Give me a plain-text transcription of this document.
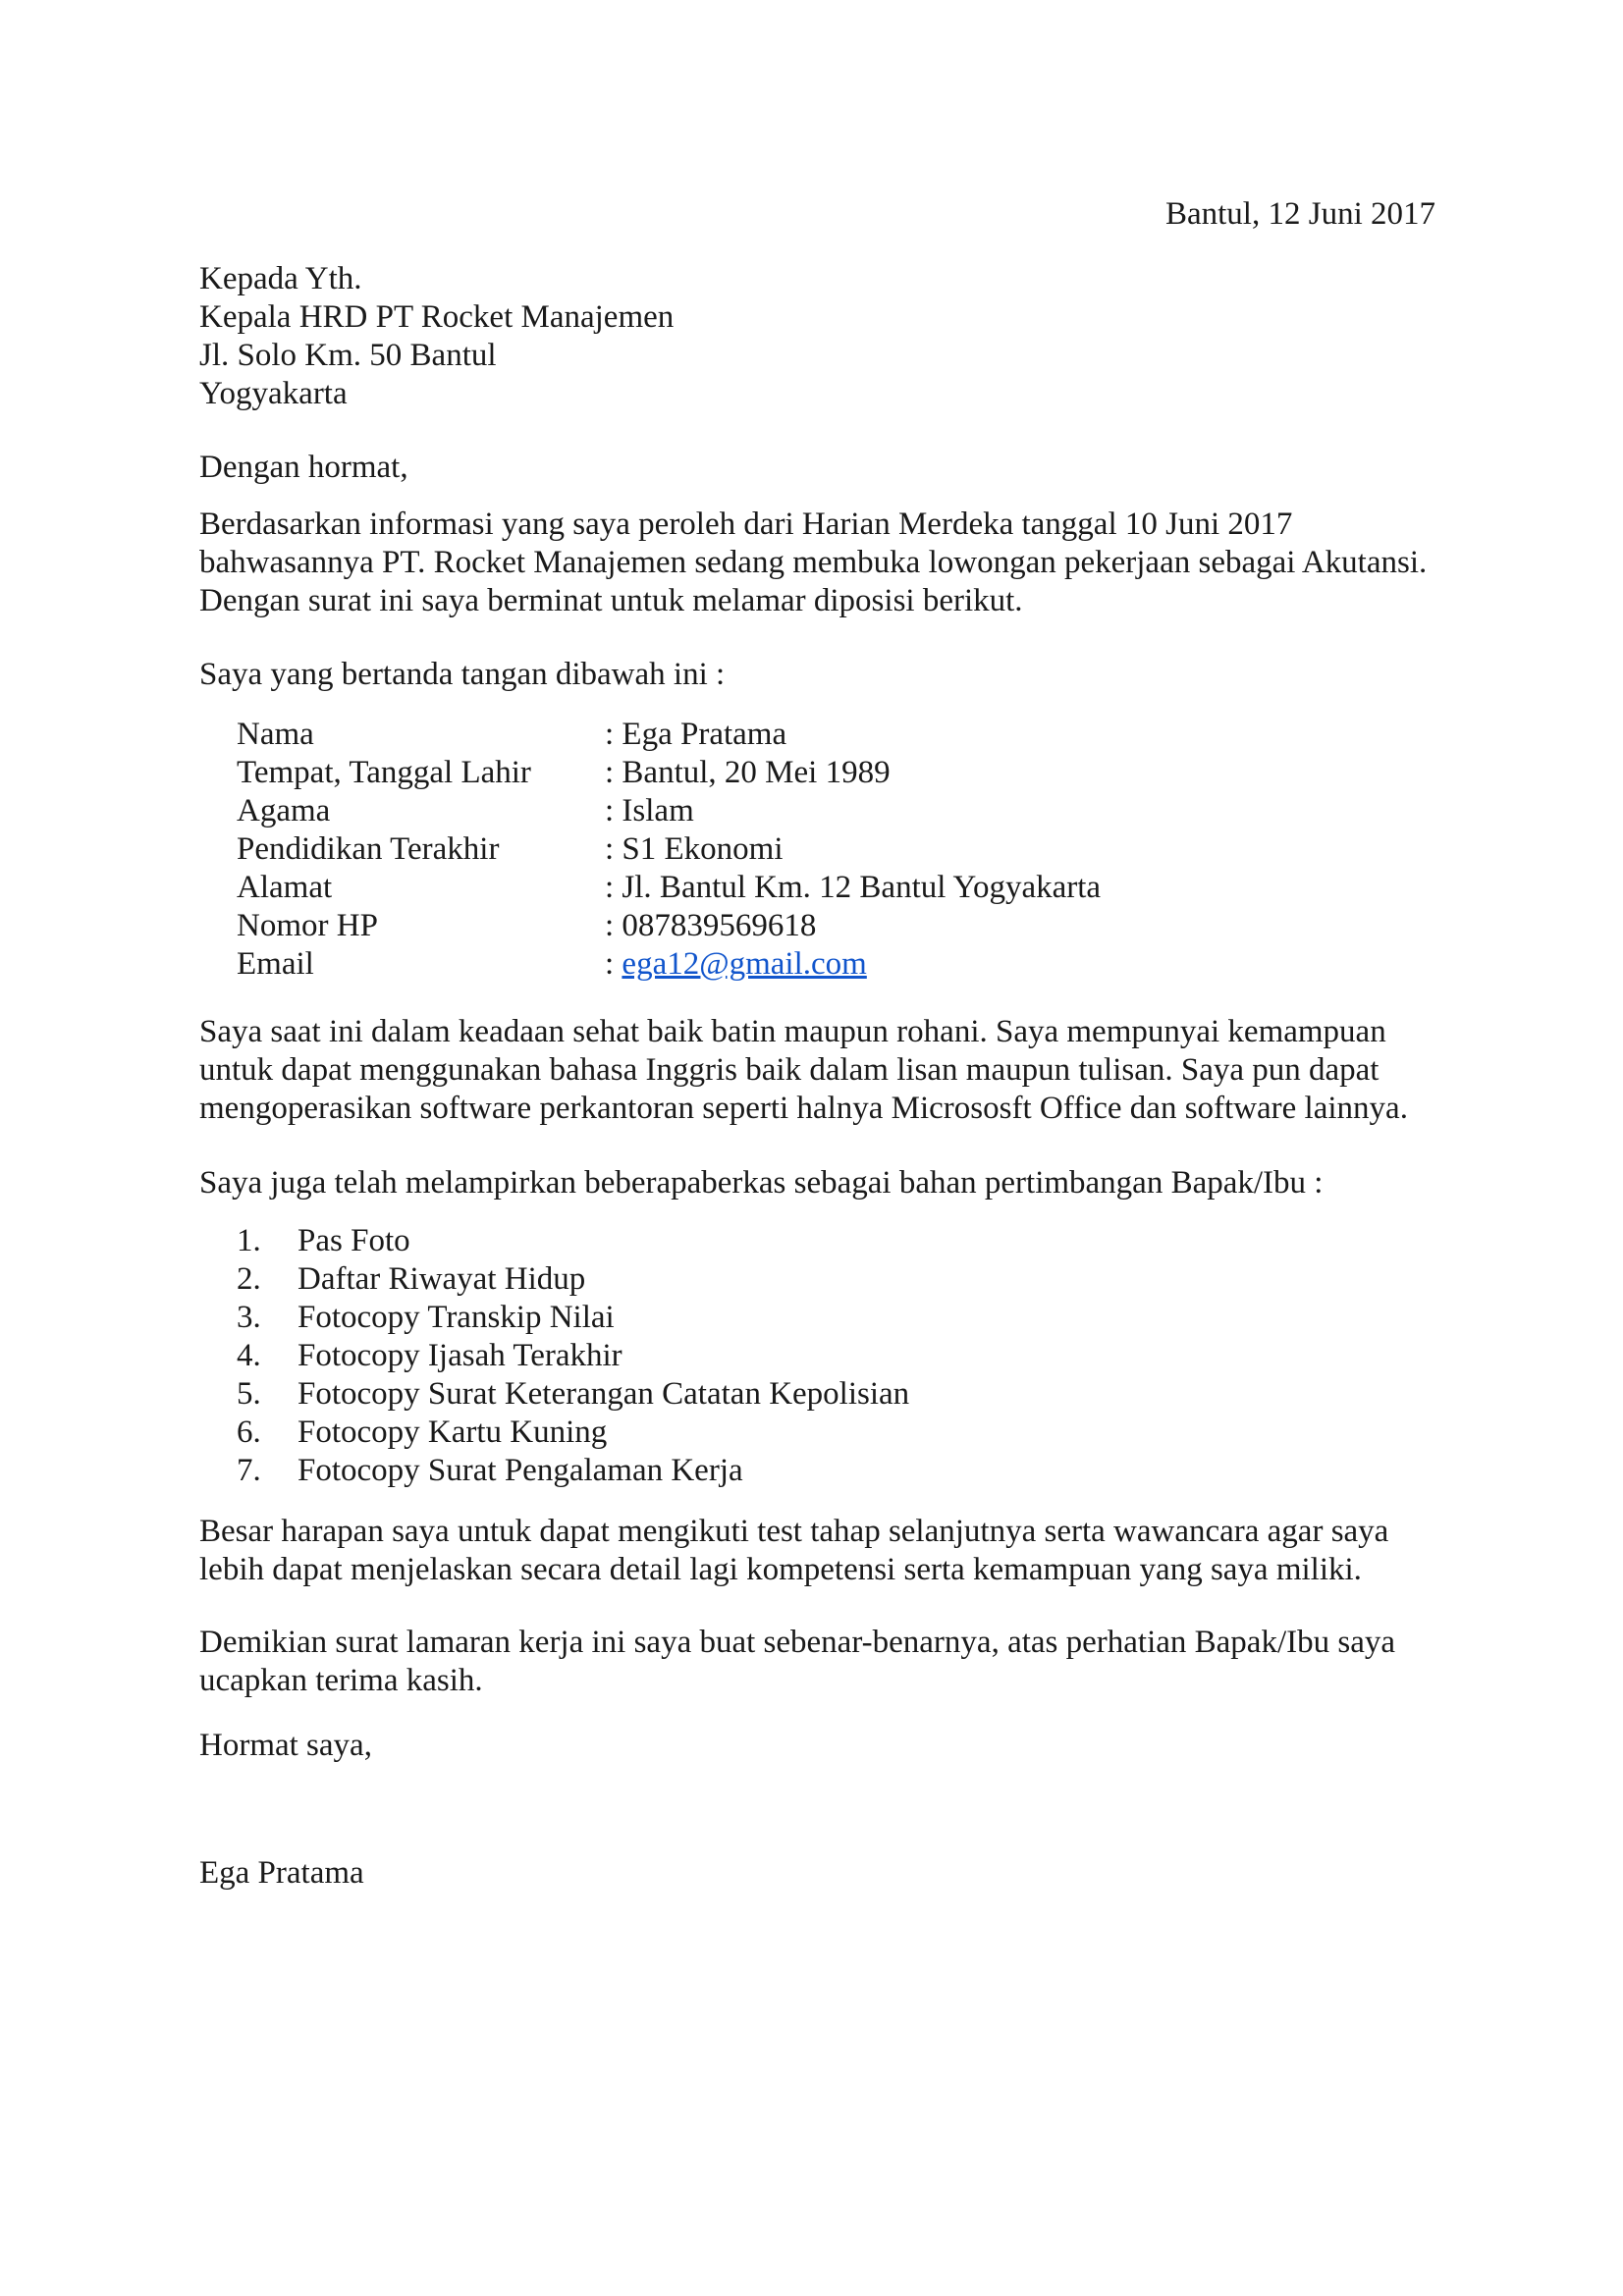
Bantul, 12 Juni 2017
Kepada Yth.
Kepala HRD PT Rocket Manajemen
Jl. Solo Km. 50 Bantul
Yogyakarta

Dengan hormat,

Berdasarkan informasi yang saya peroleh dari Harian Merdeka tanggal 10 Juni 2017 bahwasannya PT. Rocket Manajemen sedang membuka lowongan pekerjaan sebagai Akutansi. Dengan surat ini saya berminat untuk melamar diposisi berikut.

Saya yang bertanda tangan dibawah ini :

Nama	: Ega Pratama
Tempat, Tanggal Lahir	: Bantul, 20 Mei 1989
Agama	: Islam
Pendidikan Terakhir	: S1 Ekonomi
Alamat	: Jl. Bantul Km. 12 Bantul Yogyakarta
Nomor HP	: 087839569618
Email	: ega12@gmail.com

Saya saat ini dalam keadaan sehat baik batin maupun rohani. Saya mempunyai kemampuan untuk dapat menggunakan bahasa Inggris baik dalam lisan maupun tulisan. Saya pun dapat mengoperasikan software perkantoran seperti halnya Micrososft Office dan software lainnya.

Saya juga telah melampirkan beberapaberkas sebagai bahan pertimbangan Bapak/Ibu :

1.	Pas Foto
2.	Daftar Riwayat Hidup
3.	Fotocopy Transkip Nilai
4.	Fotocopy Ijasah Terakhir
5.	Fotocopy Surat Keterangan Catatan Kepolisian
6.	Fotocopy Kartu Kuning
7.	Fotocopy Surat Pengalaman Kerja

Besar harapan saya untuk dapat mengikuti test tahap selanjutnya serta wawancara agar saya lebih dapat menjelaskan secara detail lagi kompetensi serta kemampuan yang saya miliki.

Demikian surat lamaran kerja ini saya buat sebenar-benarnya, atas perhatian Bapak/Ibu saya ucapkan terima kasih.

Hormat saya,

Ega Pratama
